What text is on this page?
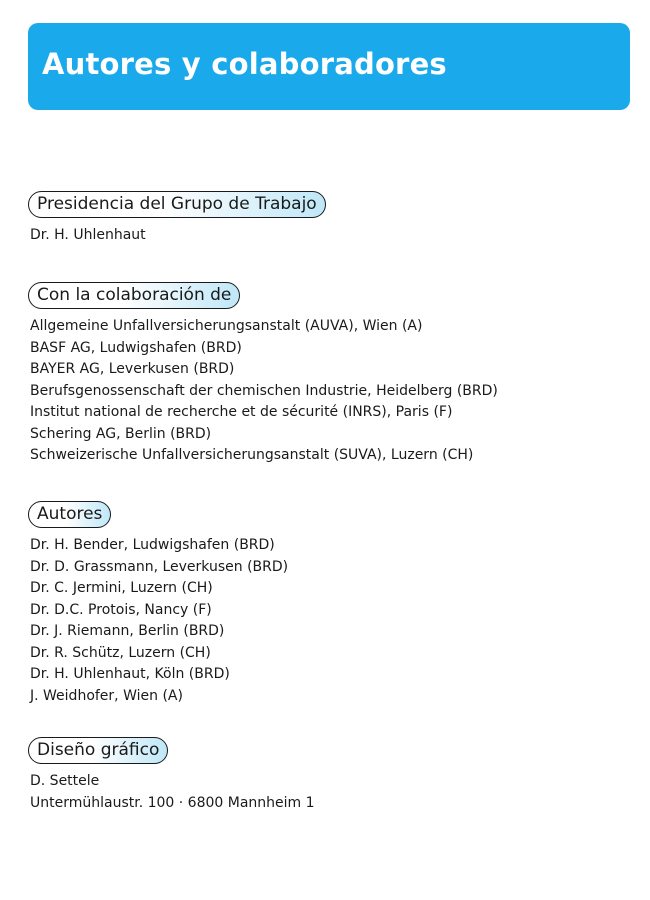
Autores y colaboradores
Presidencia del Grupo de Trabajo
Dr. H. Uhlenhaut
Con la colaboración de
Allgemeine Unfallversicherungsanstalt (AUVA), Wien (A)
BASF AG, Ludwigshafen (BRD)
BAYER AG, Leverkusen (BRD)
Berufsgenossenschaft der chemischen Industrie, Heidelberg (BRD)
Institut national de recherche et de sécurité (INRS), Paris (F)
Schering AG, Berlin (BRD)
Schweizerische Unfallversicherungsanstalt (SUVA), Luzern (CH)
Autores
Dr. H. Bender, Ludwigshafen (BRD)
Dr. D. Grassmann, Leverkusen (BRD)
Dr. C. Jermini, Luzern (CH)
Dr. D.C. Protois, Nancy (F)
Dr. J. Riemann, Berlin (BRD)
Dr. R. Schütz, Luzern (CH)
Dr. H. Uhlenhaut, Köln (BRD)
J. Weidhofer, Wien (A)
Diseño gráfico
D. Settele
Untermühlaustr. 100 · 6800 Mannheim 1
